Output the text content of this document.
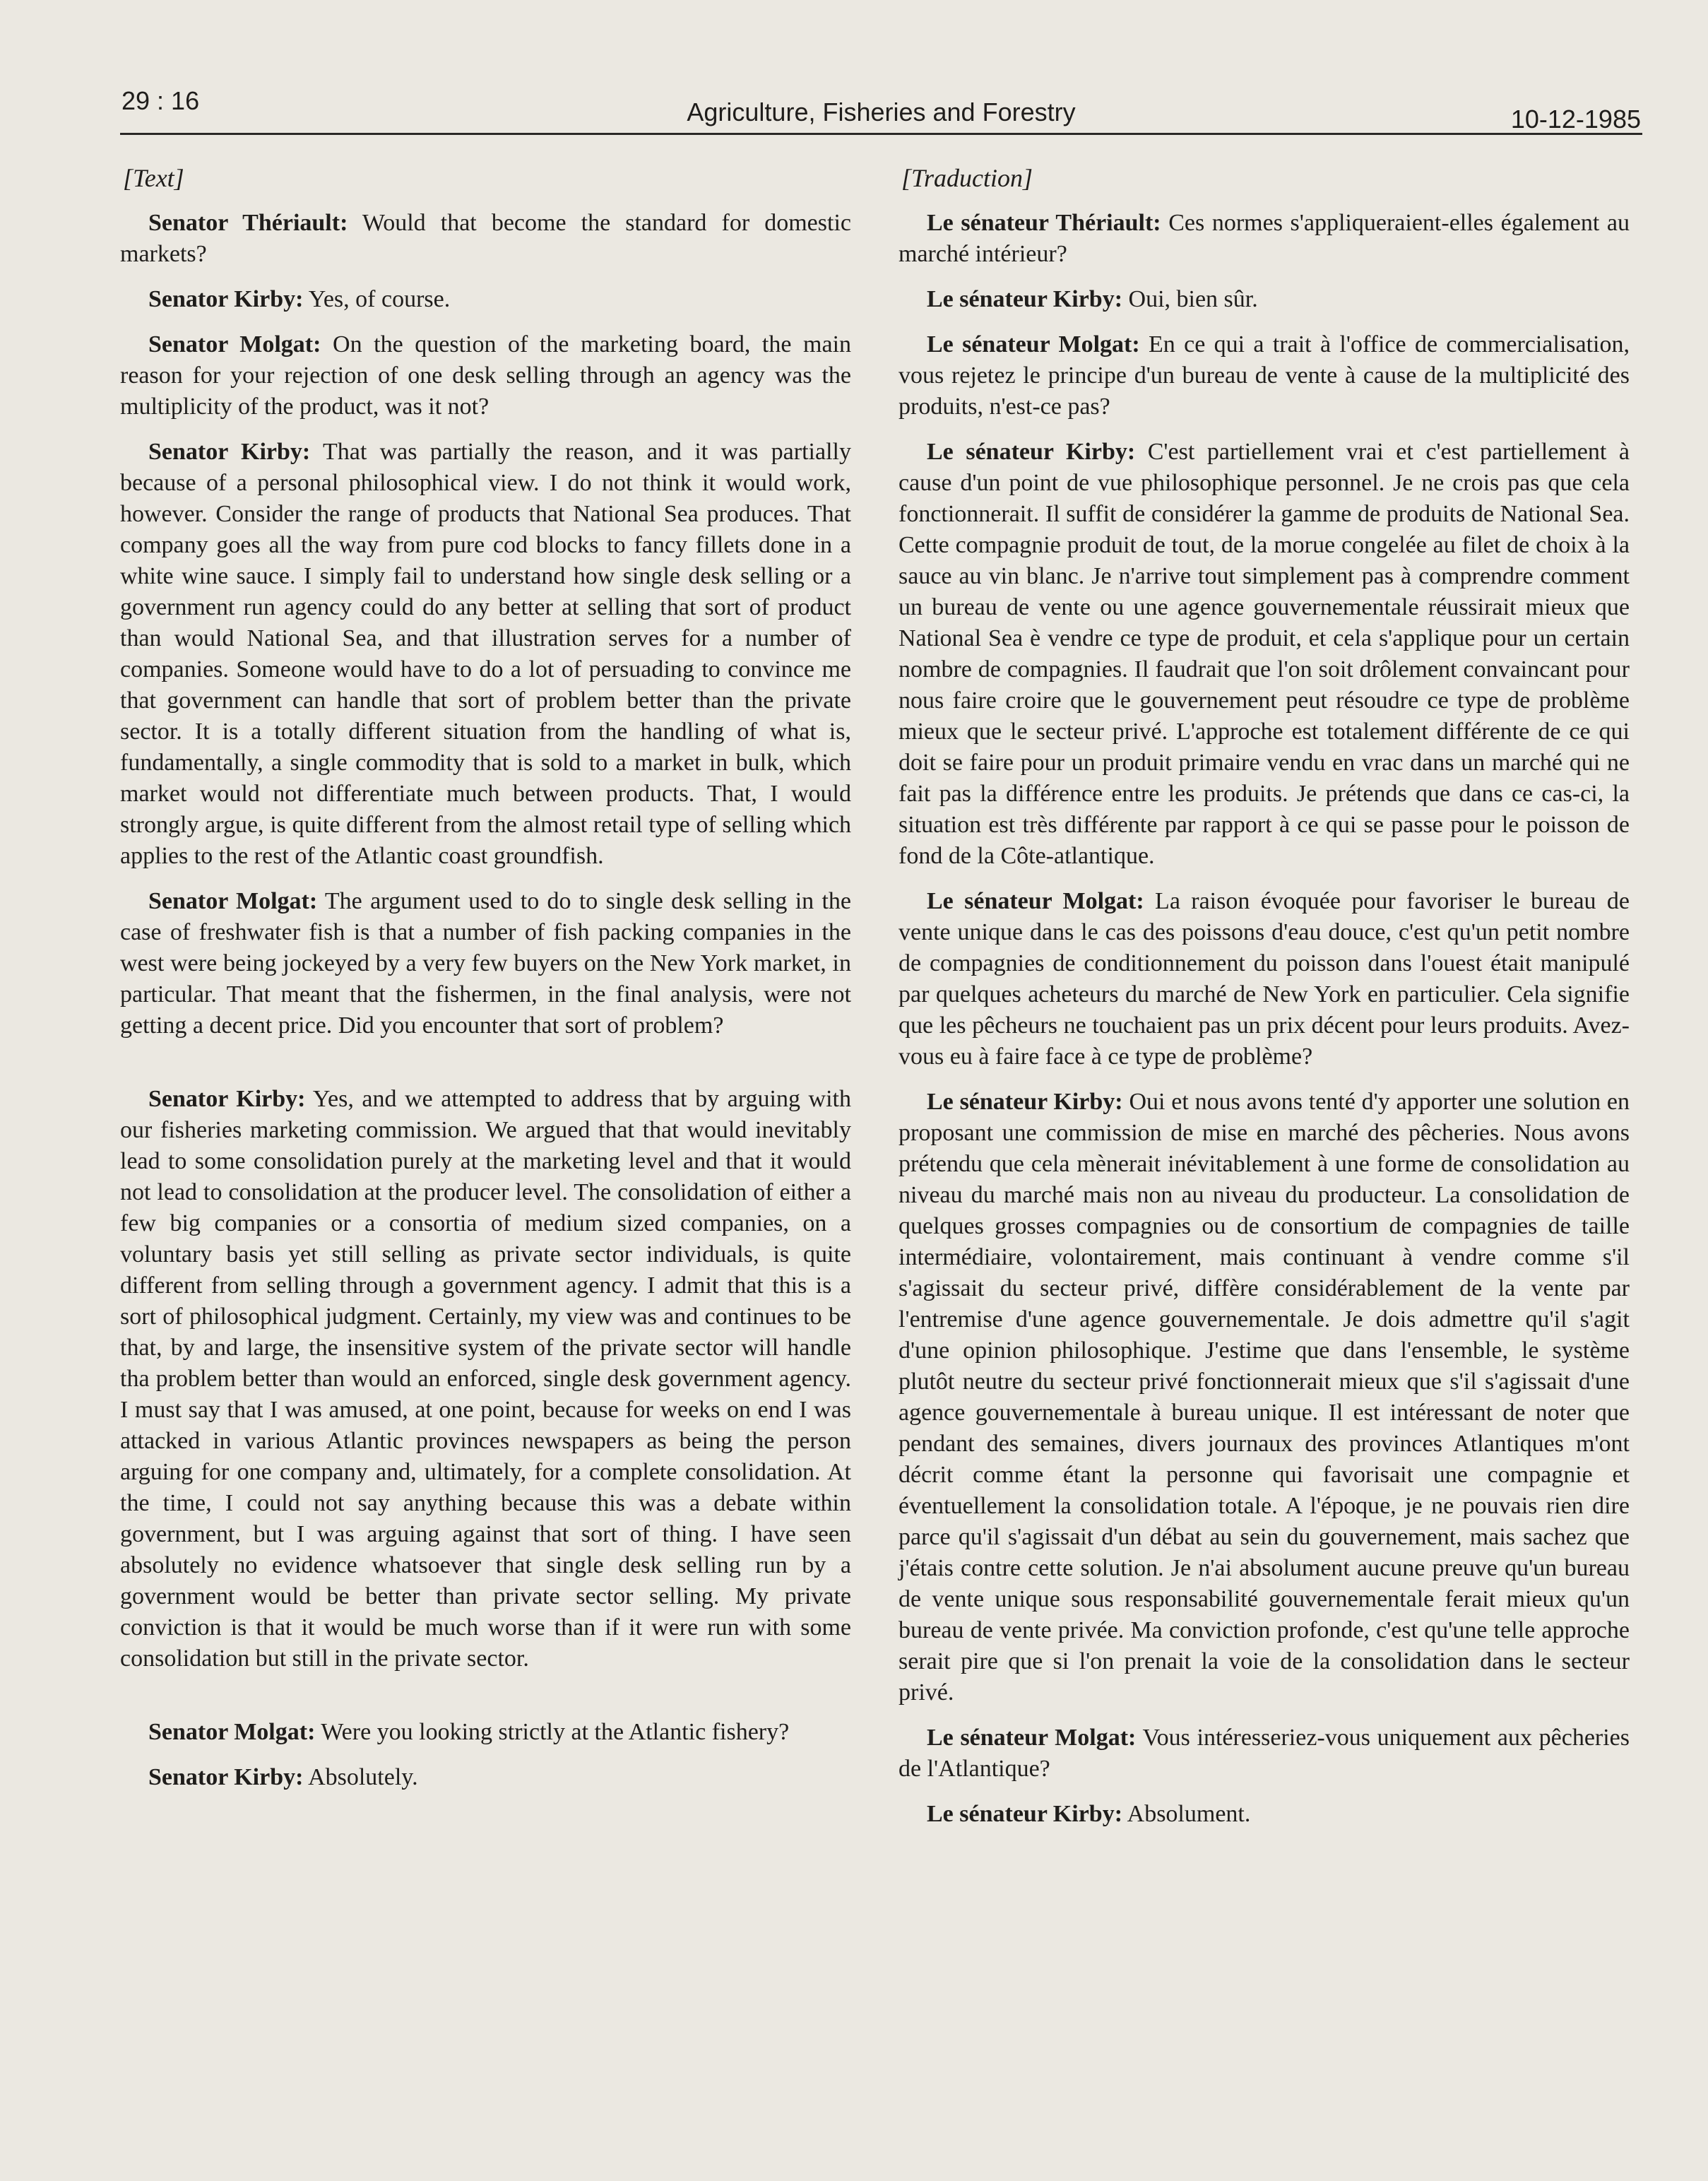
29 : 16	Agriculture, Fisheries and Forestry	10-12-1985
[Text]

Senator Thériault: Would that become the standard for domestic markets?

Senator Kirby: Yes, of course.

Senator Molgat: On the question of the marketing board, the main reason for your rejection of one desk selling through an agency was the multiplicity of the product, was it not?

Senator Kirby: That was partially the reason, and it was partially because of a personal philosophical view. I do not think it would work, however. Consider the range of products that National Sea produces. That company goes all the way from pure cod blocks to fancy fillets done in a white wine sauce. I simply fail to understand how single desk selling or a government run agency could do any better at selling that sort of product than would National Sea, and that illustration serves for a number of companies. Someone would have to do a lot of persuading to convince me that government can handle that sort of problem better than the private sector. It is a totally different situation from the handling of what is, fundamentally, a single commodity that is sold to a market in bulk, which market would not differentiate much between products. That, I would strongly argue, is quite different from the almost retail type of selling which applies to the rest of the Atlantic coast groundfish.

Senator Molgat: The argument used to do to single desk selling in the case of freshwater fish is that a number of fish packing companies in the west were being jockeyed by a very few buyers on the New York market, in particular. That meant that the fishermen, in the final analysis, were not getting a decent price. Did you encounter that sort of problem?

Senator Kirby: Yes, and we attempted to address that by arguing with our fisheries marketing commission. We argued that that would inevitably lead to some consolidation purely at the marketing level and that it would not lead to consolidation at the producer level. The consolidation of either a few big companies or a consortia of medium sized companies, on a voluntary basis yet still selling as private sector individuals, is quite different from selling through a government agency. I admit that this is a sort of philosophical judgment. Certainly, my view was and continues to be that, by and large, the insensitive system of the private sector will handle tha problem better than would an enforced, single desk government agency. I must say that I was amused, at one point, because for weeks on end I was attacked in various Atlantic provinces newspapers as being the person arguing for one company and, ultimately, for a complete consolidation. At the time, I could not say anything because this was a debate within government, but I was arguing against that sort of thing. I have seen absolutely no evidence whatsoever that single desk selling run by a government would be better than private sector selling. My private conviction is that it would be much worse than if it were run with some consolidation but still in the private sector.

Senator Molgat: Were you looking strictly at the Atlantic fishery?

Senator Kirby: Absolutely.

[Traduction]

Le sénateur Thériault: Ces normes s'appliqueraient-elles également au marché intérieur?

Le sénateur Kirby: Oui, bien sûr.

Le sénateur Molgat: En ce qui a trait à l'office de commercialisation, vous rejetez le principe d'un bureau de vente à cause de la multiplicité des produits, n'est-ce pas?

Le sénateur Kirby: C'est partiellement vrai et c'est partiellement à cause d'un point de vue philosophique personnel. Je ne crois pas que cela fonctionnerait. Il suffit de considérer la gamme de produits de National Sea. Cette compagnie produit de tout, de la morue congelée au filet de choix à la sauce au vin blanc. Je n'arrive tout simplement pas à comprendre comment un bureau de vente ou une agence gouvernementale réussirait mieux que National Sea è vendre ce type de produit, et cela s'applique pour un certain nombre de compagnies. Il faudrait que l'on soit drôlement convaincant pour nous faire croire que le gouvernement peut résoudre ce type de problème mieux que le secteur privé. L'approche est totalement différente de ce qui doit se faire pour un produit primaire vendu en vrac dans un marché qui ne fait pas la différence entre les produits. Je prétends que dans ce cas-ci, la situation est très différente par rapport à ce qui se passe pour le poisson de fond de la Côte-atlantique.

Le sénateur Molgat: La raison évoquée pour favoriser le bureau de vente unique dans le cas des poissons d'eau douce, c'est qu'un petit nombre de compagnies de conditionnement du poisson dans l'ouest était manipulé par quelques acheteurs du marché de New York en particulier. Cela signifie que les pêcheurs ne touchaient pas un prix décent pour leurs produits. Avez-vous eu à faire face à ce type de problème?

Le sénateur Kirby: Oui et nous avons tenté d'y apporter une solution en proposant une commission de mise en marché des pêcheries. Nous avons prétendu que cela mènerait inévitablement à une forme de consolidation au niveau du marché mais non au niveau du producteur. La consolidation de quelques grosses compagnies ou de consortium de compagnies de taille intermédiaire, volontairement, mais continuant à vendre comme s'il s'agissait du secteur privé, diffère considérablement de la vente par l'entremise d'une agence gouvernementale. Je dois admettre qu'il s'agit d'une opinion philosophique. J'estime que dans l'ensemble, le système plutôt neutre du secteur privé fonctionnerait mieux que s'il s'agissait d'une agence gouvernementale à bureau unique. Il est intéressant de noter que pendant des semaines, divers journaux des provinces Atlantiques m'ont décrit comme étant la personne qui favorisait une compagnie et éventuellement la consolidation totale. A l'époque, je ne pouvais rien dire parce qu'il s'agissait d'un débat au sein du gouvernement, mais sachez que j'étais contre cette solution. Je n'ai absolument aucune preuve qu'un bureau de vente unique sous responsabilité gouvernementale ferait mieux qu'un bureau de vente privée. Ma conviction profonde, c'est qu'une telle approche serait pire que si l'on prenait la voie de la consolidation dans le secteur privé.

Le sénateur Molgat: Vous intéresseriez-vous uniquement aux pêcheries de l'Atlantique?

Le sénateur Kirby: Absolument.
